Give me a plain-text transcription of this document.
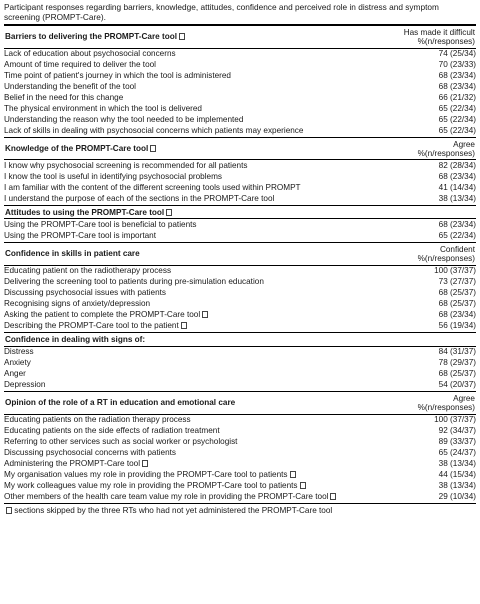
Participant responses regarding barriers, knowledge, attitudes, confidence and perceived role in distress and symptom screening (PROMPT-Care).

Barriers to delivering the PROMPT-Care tool	Has made it difficult
%(n/responses)

Lack of education about psychosocial concerns	74 (25/34)
Amount of time required to deliver the tool	70 (23/33)
Time point of patient's journey in which the tool is administered	68 (23/34)
Understanding the benefit of the tool	68 (23/34)
Belief in the need for this change	66 (21/32)
The physical environment in which the tool is delivered	65 (22/34)
Understanding the reason why the tool needed to be implemented	65 (22/34)
Lack of skills in dealing with psychosocial concerns which patients may experience	65 (22/34)
Knowledge of the PROMPT-Care tool	Agree
%(n/responses)

I know why psychosocial screening is recommended for all patients	82 (28/34)
I know the tool is useful in identifying psychosocial problems	68 (23/34)
I am familiar with the content of the different screening tools used within PROMPT	41 (14/34)
I understand the purpose of each of the sections in the PROMPT-Care tool	38 (13/34)
Attitudes to using the PROMPT-Care tool	
Using the PROMPT-Care tool is beneficial to patients	68 (23/34)
Using the PROMPT-Care tool is important	65 (22/34)
Confidence in skills in patient care	Confident
%(n/responses)

Educating patient on the radiotherapy process	100 (37/37)
Delivering the screening tool to patients during pre-simulation education	73 (27/37)
Discussing psychosocial issues with patients	68 (25/37)
Recognising signs of anxiety/depression	68 (25/37)
Asking the patient to complete the PROMPT-Care tool	68 (23/34)
Describing the PROMPT-Care tool to the patient	56 (19/34)
Confidence in dealing with signs of:	
Distress	84 (31/37)
Anxiety	78 (29/37)
Anger	68 (25/37)
Depression	54 (20/37)
Opinion of the role of a RT in education and emotional care	Agree
%(n/responses)

Educating patients on the radiation therapy process	100 (37/37)
Educating patients on the side effects of radiation treatment	92 (34/37)
Referring to other services such as social worker or psychologist	89 (33/37)
Discussing psychosocial concerns with patients	65 (24/37)
Administering the PROMPT-Care tool	38 (13/34)
My organisation values my role in providing the PROMPT-Care tool to patients	44 (15/34)
My work colleagues value my role in providing the PROMPT-Care tool to patients	38 (13/34)
Other members of the health care team value my role in providing the PROMPT-Care tool	29 (10/34)
sections skipped by the three RTs who had not yet administered the PROMPT-Care tool
